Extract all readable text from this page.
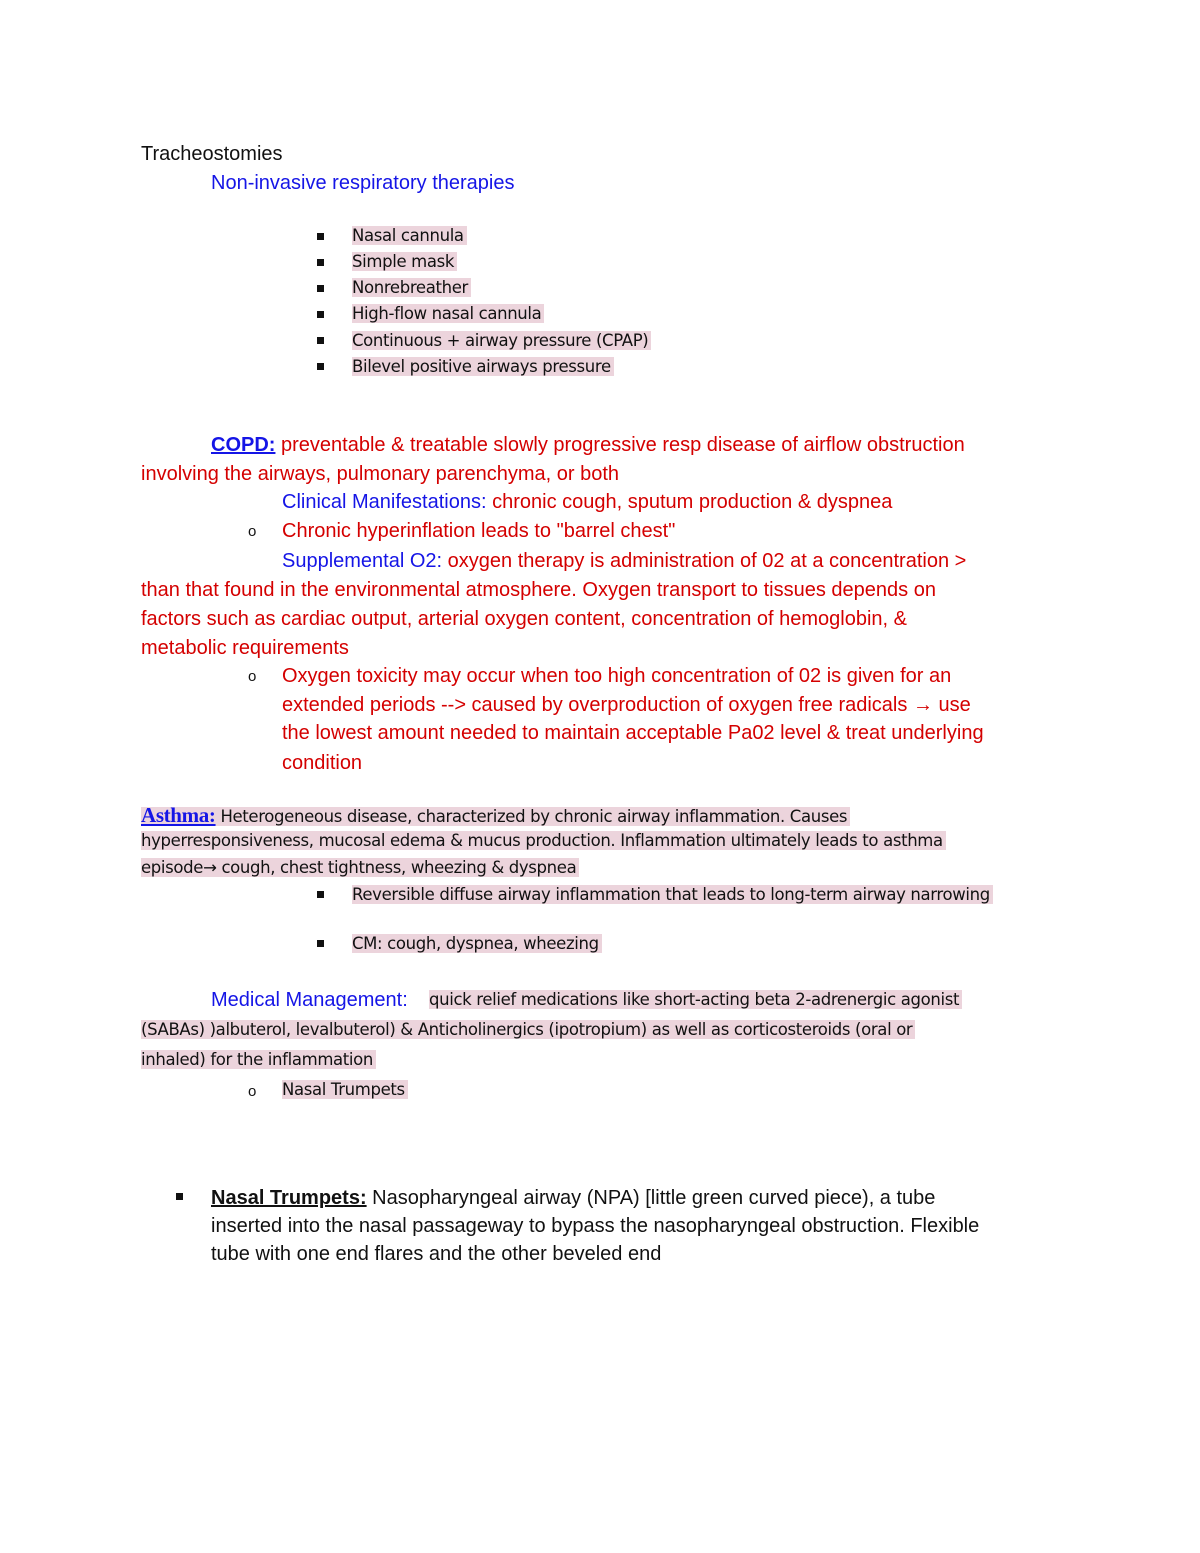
Tracheostomies
Non-invasive respiratory therapies
Nasal cannula
Simple mask
Nonrebreather
High-flow nasal cannula
Continuous + airway pressure (CPAP)
Bilevel positive airways pressure
COPD: preventable & treatable slowly progressive resp disease of airflow obstruction
involving the airways, pulmonary parenchyma, or both
Clinical Manifestations: chronic cough, sputum production & dyspnea
o Chronic hyperinflation leads to "barrel chest"
Supplemental O2: oxygen therapy is administration of 02 at a concentration >
than that found in the environmental atmosphere. Oxygen transport to tissues depends on
factors such as cardiac output, arterial oxygen content, concentration of hemoglobin, &
metabolic requirements
o Oxygen toxicity may occur when too high concentration of 02 is given for an
extended periods --> caused by overproduction of oxygen free radicals → use
the lowest amount needed to maintain acceptable Pa02 level & treat underlying
condition
Asthma: Heterogeneous disease, characterized by chronic airway inflammation. Causes
hyperresponsiveness, mucosal edema & mucus production. Inflammation ultimately leads to asthma
episode→ cough, chest tightness, wheezing & dyspnea
Reversible diffuse airway inflammation that leads to long-term airway narrowing
CM: cough, dyspnea, wheezing
Medical Management: quick relief medications like short-acting beta 2-adrenergic agonist
(SABAs) )albuterol, levalbuterol) & Anticholinergics (ipotropium) as well as corticosteroids (oral or
inhaled) for the inflammation
o Nasal Trumpets
Nasal Trumpets: Nasopharyngeal airway (NPA) [little green curved piece), a tube
inserted into the nasal passageway to bypass the nasopharyngeal obstruction. Flexible
tube with one end flares and the other beveled end
